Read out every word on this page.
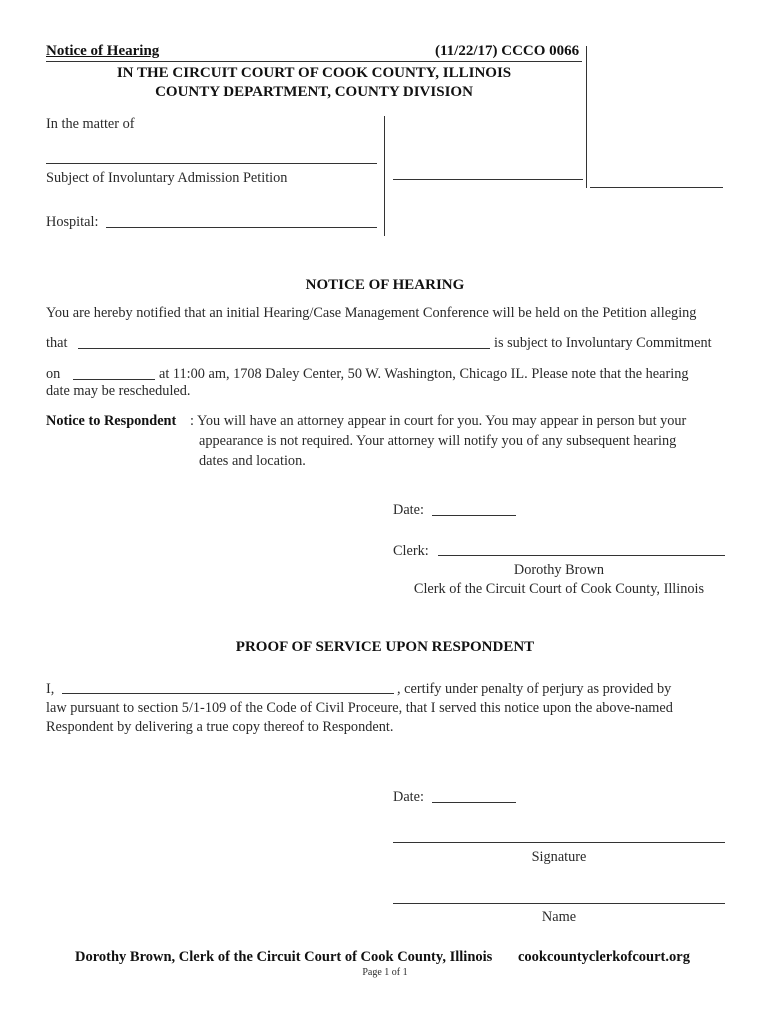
Notice of Hearing	(11/22/17) CCCO 0066
IN THE CIRCUIT COURT OF COOK COUNTY, ILLINOIS
COUNTY DEPARTMENT, COUNTY DIVISION
In the matter of
Subject of Involuntary Admission Petition
Hospital:
NOTICE OF HEARING
You are hereby notified that an initial Hearing/Case Management Conference will be held on the Petition alleging
that	is subject to Involuntary Commitment
on	at 11:00 am, 1708 Daley Center, 50 W. Washington, Chicago IL. Please note that the hearing
date may be rescheduled.
Notice to Respondent : You will have an attorney appear in court for you. You may appear in person but your
appearance is not required. Your attorney will notify you of any subsequent hearing
dates and location.
Date:
Clerk:
Dorothy Brown
Clerk of the Circuit Court of Cook County, Illinois
PROOF OF SERVICE UPON RESPONDENT
I,	, certify under penalty of perjury as provided by
law pursuant to section 5/1-109 of the Code of Civil Proceure, that I served this notice upon the above-named
Respondent by delivering a true copy thereof to Respondent.
Date:
Signature
Name
Dorothy Brown, Clerk of the Circuit Court of Cook County, Illinois cookcountyclerkofcourt.org
Page 1 of 1
